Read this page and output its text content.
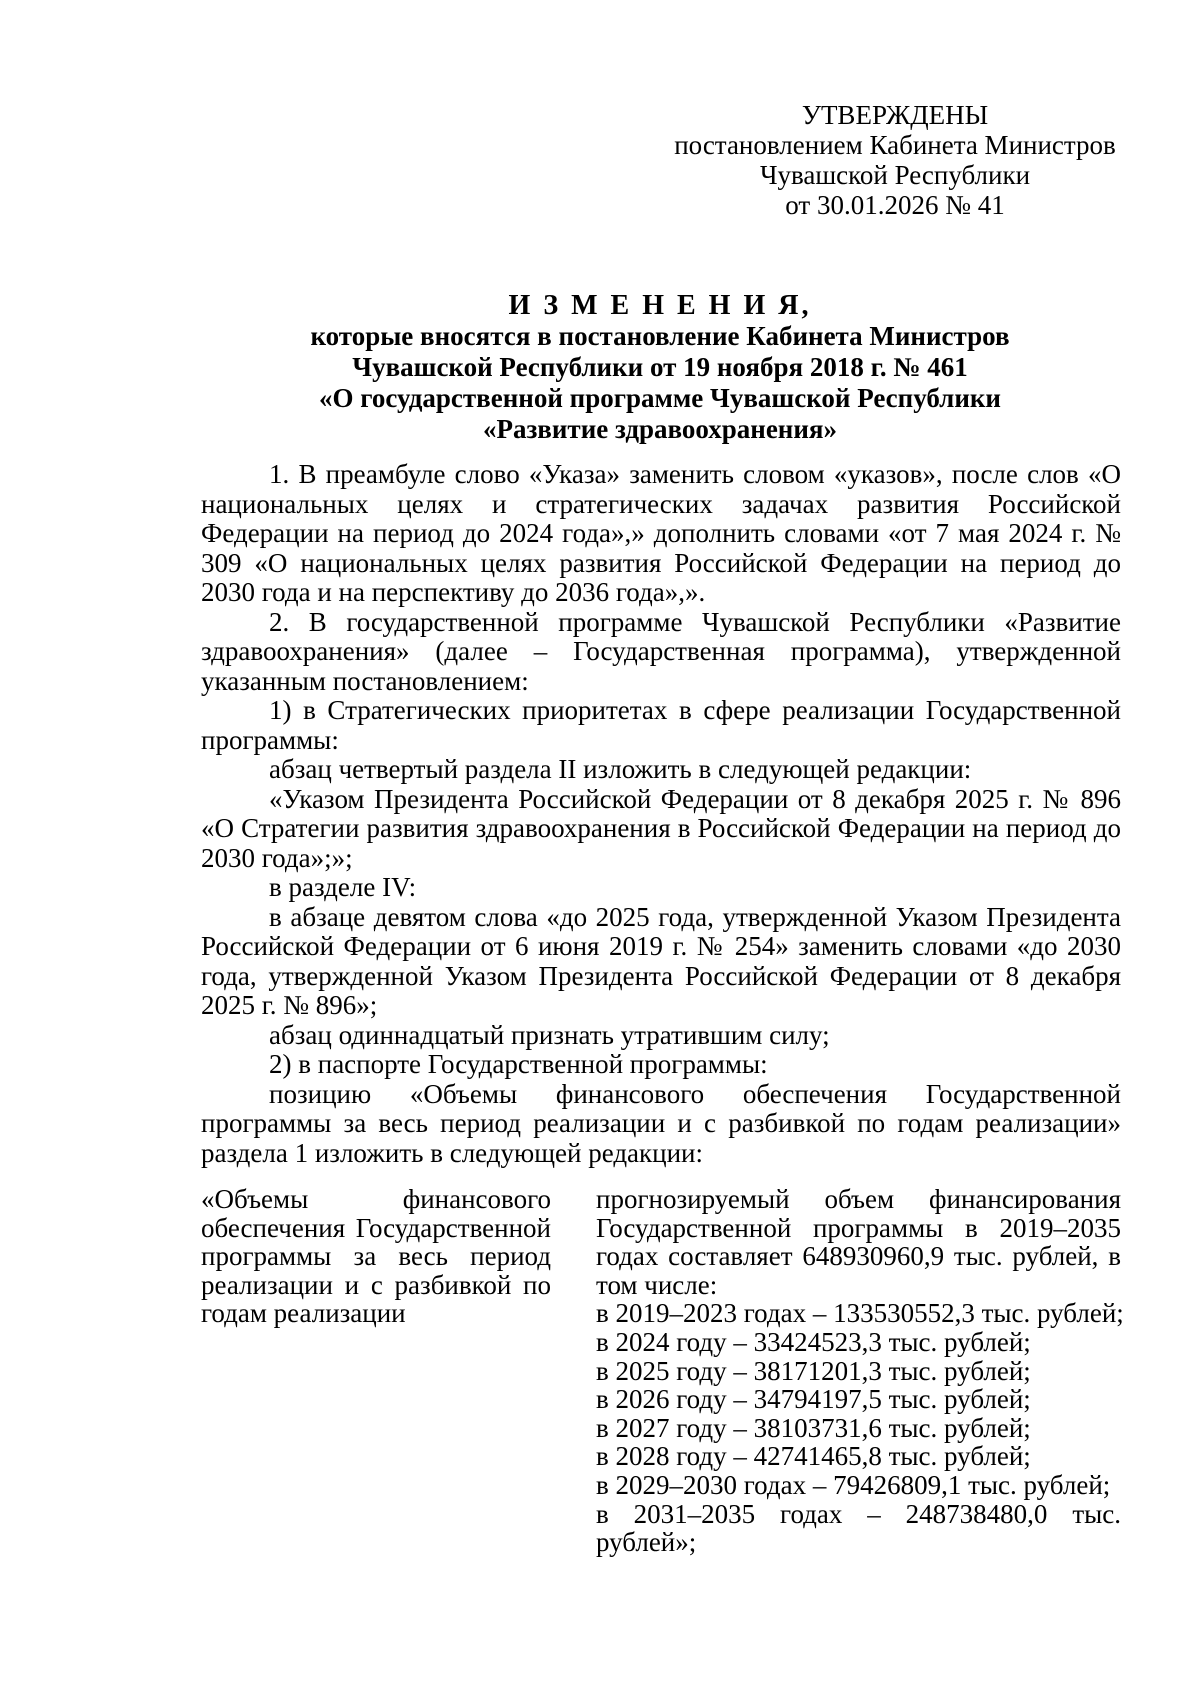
УТВЕРЖДЕНЫ
постановлением Кабинета Министров
Чувашской Республики
от 30.01.2026 № 41
И З М Е Н Е Н И Я,
которые вносятся в постановление Кабинета Министров
Чувашской Республики от 19 ноября 2018 г. № 461
«О государственной программе Чувашской Республики
«Развитие здравоохранения»

1. В преамбуле слово «Указа» заменить словом «указов», после слов «О национальных целях и стратегических задачах развития Российской Федерации на период до 2024 года»,» дополнить словами «от 7 мая 2024 г. № 309 «О национальных целях развития Российской Федерации на период до 2030 года и на перспективу до 2036 года»,».

2. В государственной программе Чувашской Республики «Развитие здравоохранения» (далее – Государственная программа), утвержденной указанным постановлением:

1) в Стратегических приоритетах в сфере реализации Государственной программы:

абзац четвертый раздела II изложить в следующей редакции:

«Указом Президента Российской Федерации от 8 декабря 2025 г. № 896 «О Стратегии развития здравоохранения в Российской Федерации на период до 2030 года»;»;

в разделе IV:

в абзаце девятом слова «до 2025 года, утвержденной Указом Президента Российской Федерации от 6 июня 2019 г. № 254» заменить словами «до 2030 года, утвержденной Указом Президента Российской Федерации от 8 декабря 2025 г. № 896»;

абзац одиннадцатый признать утратившим силу;

2) в паспорте Государственной программы:

позицию «Объемы финансового обеспечения Государственной программы за весь период реализации и с разбивкой по годам реализации» раздела 1 изложить в следующей редакции:

«Объемы финансового обеспечения Государственной программы за весь период реализации и с разбивкой по годам реализации
прогнозируемый объем финансирования Государственной программы в 2019–2035 годах составляет 648930960,9 тыс. рублей, в том числе:
в 2019–2023 годах – 133530552,3 тыс. рублей;
в 2024 году – 33424523,3 тыс. рублей;
в 2025 году – 38171201,3 тыс. рублей;
в 2026 году – 34794197,5 тыс. рублей;
в 2027 году – 38103731,6 тыс. рублей;
в 2028 году – 42741465,8 тыс. рублей;
в 2029–2030 годах – 79426809,1 тыс. рублей;
в 2031–2035 годах – 248738480,0 тыс. рублей»;
